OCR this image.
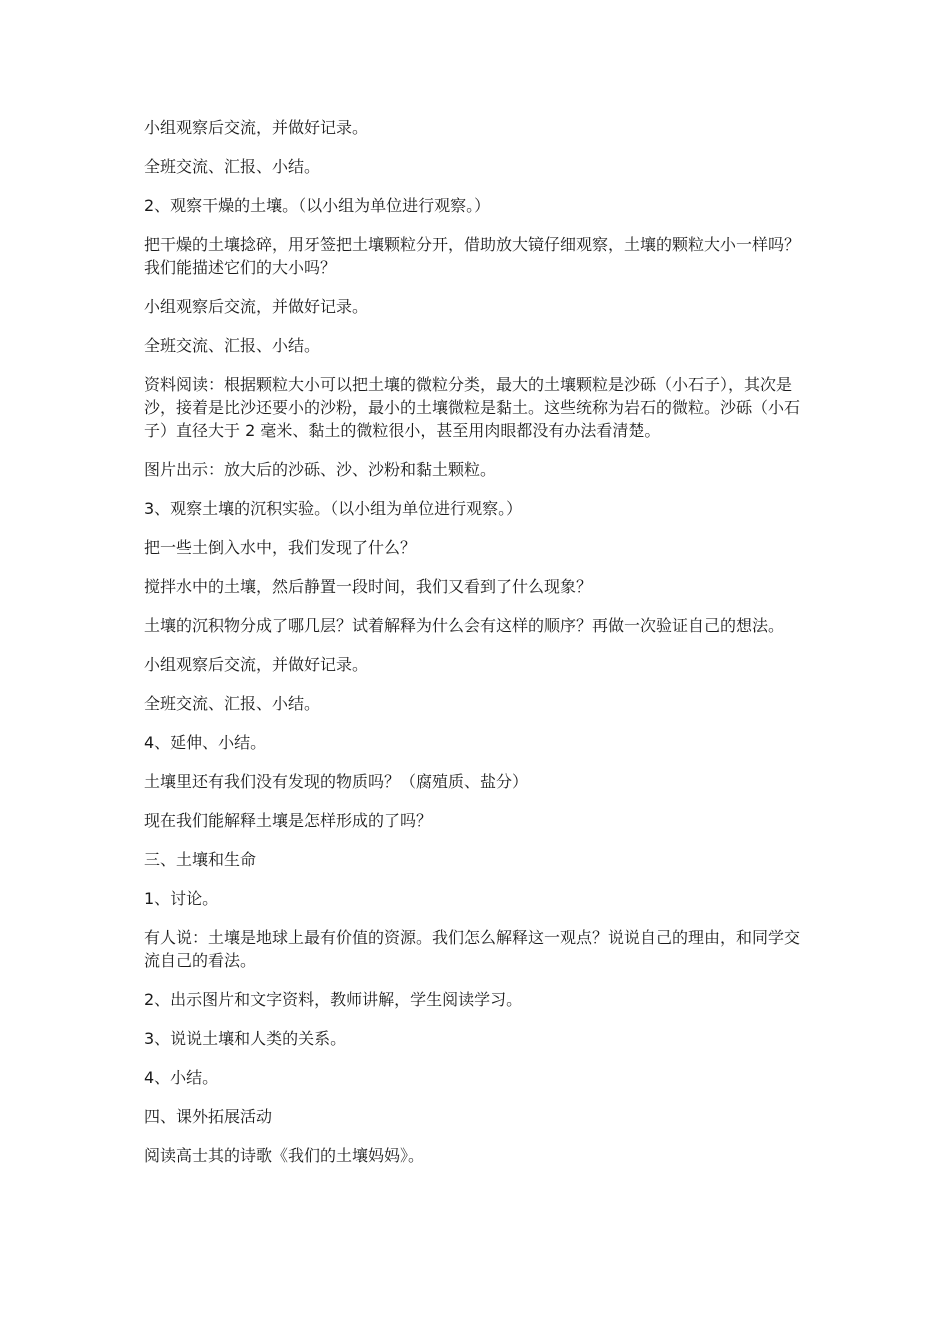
小组观察后交流，并做好记录。

全班交流、汇报、小结。

2、观察干燥的土壤。（以小组为单位进行观察。）

把干燥的土壤捻碎，用牙签把土壤颗粒分开，借助放大镜仔细观察，土壤的颗粒大小一样吗？我们能描述它们的大小吗？

小组观察后交流，并做好记录。

全班交流、汇报、小结。

资料阅读：根据颗粒大小可以把土壤的微粒分类，最大的土壤颗粒是沙砾（小石子），其次是沙，接着是比沙还要小的沙粉，最小的土壤微粒是黏土。这些统称为岩石的微粒。沙砾（小石子）直径大于 2 毫米、黏土的微粒很小，甚至用肉眼都没有办法看清楚。

图片出示：放大后的沙砾、沙、沙粉和黏土颗粒。

3、观察土壤的沉积实验。（以小组为单位进行观察。）

把一些土倒入水中，我们发现了什么？

搅拌水中的土壤，然后静置一段时间，我们又看到了什么现象？

土壤的沉积物分成了哪几层？试着解释为什么会有这样的顺序？再做一次验证自己的想法。

小组观察后交流，并做好记录。

全班交流、汇报、小结。

4、延伸、小结。

土壤里还有我们没有发现的物质吗？（腐殖质、盐分）

现在我们能解释土壤是怎样形成的了吗？

三、土壤和生命

1、讨论。

有人说：土壤是地球上最有价值的资源。我们怎么解释这一观点？说说自己的理由，和同学交流自己的看法。

2、出示图片和文字资料，教师讲解，学生阅读学习。

3、说说土壤和人类的关系。

4、小结。

四、课外拓展活动

阅读高士其的诗歌《我们的土壤妈妈》。
